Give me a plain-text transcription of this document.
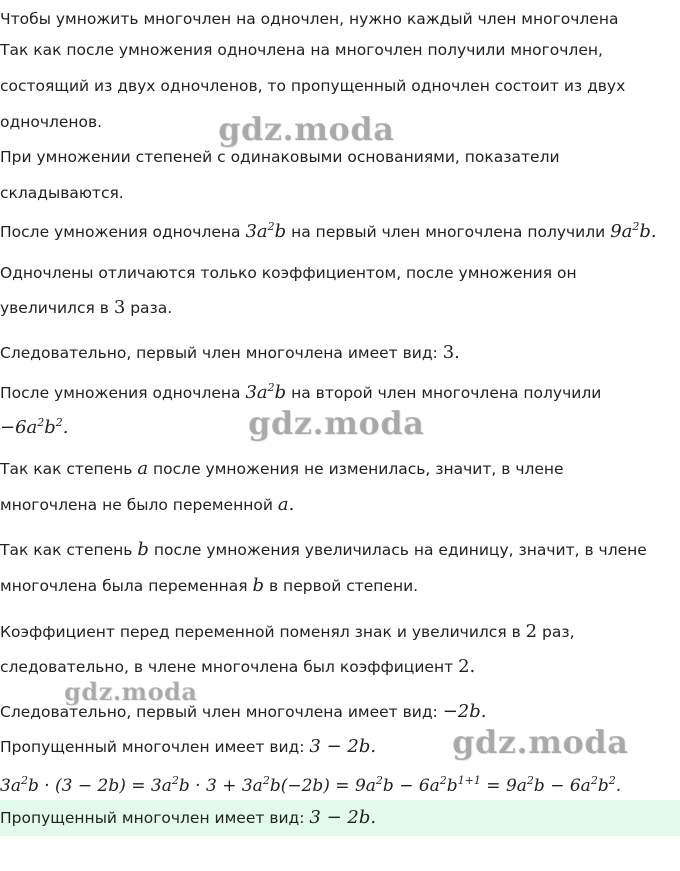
Чтобы умножить многочлен на одночлен, нужно каждый член многочлена
Так как после умножения одночлена на многочлен получили многочлен,
состоящий из двух одночленов, то пропущенный одночлен состоит из двух
одночленов.
При умножении степеней с одинаковыми основаниями, показатели
складываются.
После умножения одночлена $3a^2b$ на первый член многочлена получили $9a^2b$.
Одночлены отличаются только коэффициентом, после умножения он
увеличился в 3 раза.
Следовательно, первый член многочлена имеет вид: 3.
После умножения одночлена $3a^2b$ на второй член многочлена получили
$-6a^2b^2$.
Так как степень a после умножения не изменилась, значит, в члене
многочлена не было переменной a.
Так как степень b после умножения увеличилась на единицу, значит, в члене
многочлена была переменная b в первой степени.
Коэффициент перед переменной поменял знак и увеличился в 2 раз,
следовательно, в члене многочлена был коэффициент 2.
Следовательно, первый член многочлена имеет вид: −2b.
Пропущенный многочлен имеет вид: 3 − 2b.
$3a^2b \cdot (3 - 2b) = 3a^2b \cdot 3 + 3a^2b(-2b) = 9a^2b - 6a^2b^{1+1} = 9a^2b - 6a^2b^2$.
Пропущенный многочлен имеет вид: 3 − 2b.
gdz.moda
gdz.moda
gdz.moda
gdz.moda
